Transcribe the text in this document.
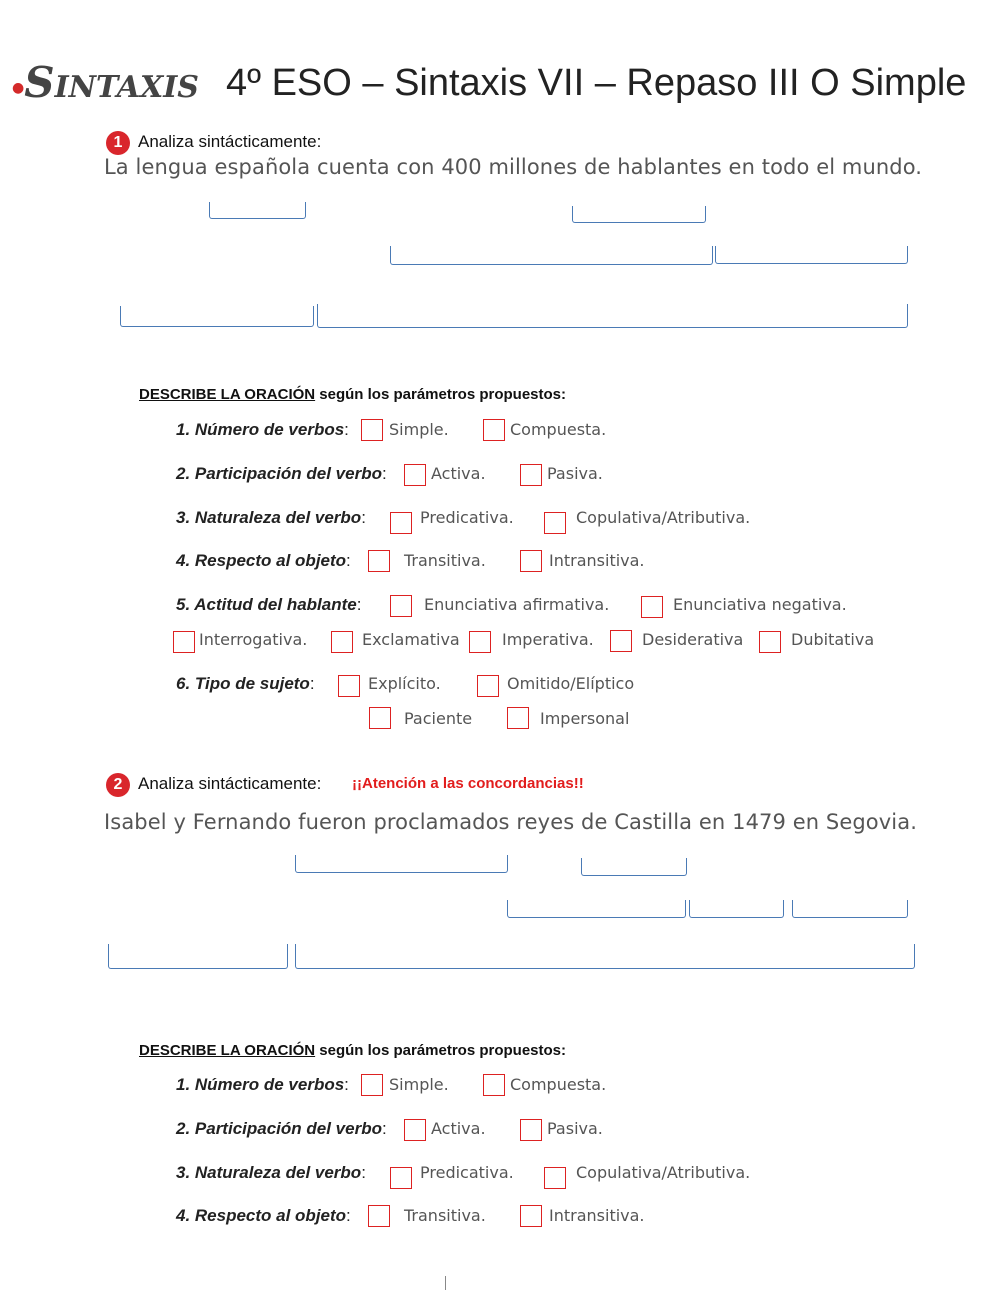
●SINTAXIS 4º ESO – Sintaxis VII – Repaso III O Simple
1 Analiza sintácticamente:
La lengua española cuenta con 400 millones de hablantes en todo el mundo.
DESCRIBE LA ORACIÓN según los parámetros propuestos:
1. Número de verbos:	Simple.	Compuesta.
2. Participación del verbo:	Activa.	Pasiva.
3. Naturaleza del verbo:	Predicativa.	Copulativa/Atributiva.
4. Respecto al objeto:	Transitiva.	Intransitiva.
5. Actitud del hablante:	Enunciativa afirmativa.	Enunciativa negativa.
Interrogativa.	Exclamativa	Imperativa.	Desiderativa	Dubitativa
6. Tipo de sujeto:	Explícito.	Omitido/Elíptico
Paciente	Impersonal
2 Analiza sintácticamente: ¡¡Atención a las concordancias!!
Isabel y Fernando fueron proclamados reyes de Castilla en 1479 en Segovia.
DESCRIBE LA ORACIÓN según los parámetros propuestos:
1. Número de verbos:	Simple.	Compuesta.
2. Participación del verbo:	Activa.	Pasiva.
3. Naturaleza del verbo:	Predicativa.	Copulativa/Atributiva.
4. Respecto al objeto:	Transitiva.	Intransitiva.
